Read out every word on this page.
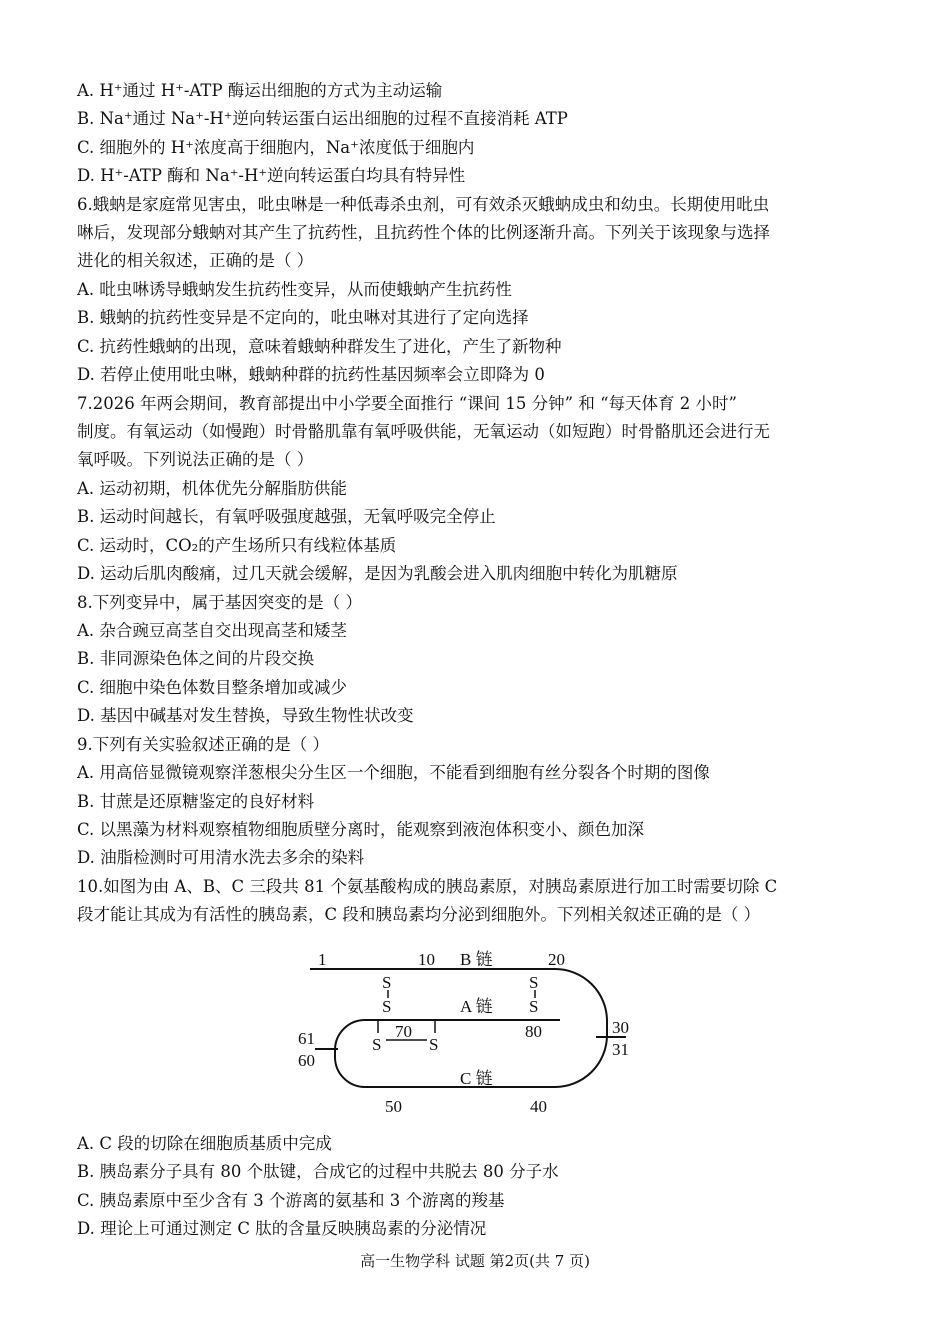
A. H⁺通过 H⁺-ATP 酶运出细胞的方式为主动运输
B. Na⁺通过 Na⁺-H⁺逆向转运蛋白运出细胞的过程不直接消耗 ATP
C. 细胞外的 H⁺浓度高于细胞内，Na⁺浓度低于细胞内
D. H⁺-ATP 酶和 Na⁺-H⁺逆向转运蛋白均具有特异性
6.蛾蚋是家庭常见害虫，吡虫啉是一种低毒杀虫剂，可有效杀灭蛾蚋成虫和幼虫。长期使用吡虫
啉后，发现部分蛾蚋对其产生了抗药性，且抗药性个体的比例逐渐升高。下列关于该现象与选择
进化的相关叙述，正确的是（ ）
A. 吡虫啉诱导蛾蚋发生抗药性变异，从而使蛾蚋产生抗药性
B. 蛾蚋的抗药性变异是不定向的，吡虫啉对其进行了定向选择
C. 抗药性蛾蚋的出现，意味着蛾蚋种群发生了进化，产生了新物种
D. 若停止使用吡虫啉，蛾蚋种群的抗药性基因频率会立即降为 0
7.2026 年两会期间，教育部提出中小学要全面推行 “课间 15 分钟” 和 “每天体育 2 小时”
制度。有氧运动（如慢跑）时骨骼肌靠有氧呼吸供能，无氧运动（如短跑）时骨骼肌还会进行无
氧呼吸。下列说法正确的是（ ）
A. 运动初期，机体优先分解脂肪供能
B. 运动时间越长，有氧呼吸强度越强，无氧呼吸完全停止
C. 运动时，CO₂的产生场所只有线粒体基质
D. 运动后肌肉酸痛，过几天就会缓解，是因为乳酸会进入肌肉细胞中转化为肌糖原
8.下列变异中，属于基因突变的是（ ）
A. 杂合豌豆高茎自交出现高茎和矮茎
B. 非同源染色体之间的片段交换
C. 细胞中染色体数目整条增加或减少
D. 基因中碱基对发生替换，导致生物性状改变
9.下列有关实验叙述正确的是（ ）
A. 用高倍显微镜观察洋葱根尖分生区一个细胞，不能看到细胞有丝分裂各个时期的图像
B. 甘蔗是还原糖鉴定的良好材料
C. 以黑藻为材料观察植物细胞质壁分离时，能观察到液泡体积变小、颜色加深
D. 油脂检测时可用清水洗去多余的染料
10.如图为由 A、B、C 三段共 81 个氨基酸构成的胰岛素原，对胰岛素原进行加工时需要切除 C
段才能让其成为有活性的胰岛素，C 段和胰岛素均分泌到细胞外。下列相关叙述正确的是（ ）
1	10 B 链	20
S
S
S
S
A 链
70	80
S	S
61
60
30
31
C 链
50	40
A. C 段的切除在细胞质基质中完成
B. 胰岛素分子具有 80 个肽键，合成它的过程中共脱去 80 分子水
C. 胰岛素原中至少含有 3 个游离的氨基和 3 个游离的羧基
D. 理论上可通过测定 C 肽的含量反映胰岛素的分泌情况
高一生物学科 试题 第2页(共 7 页)
